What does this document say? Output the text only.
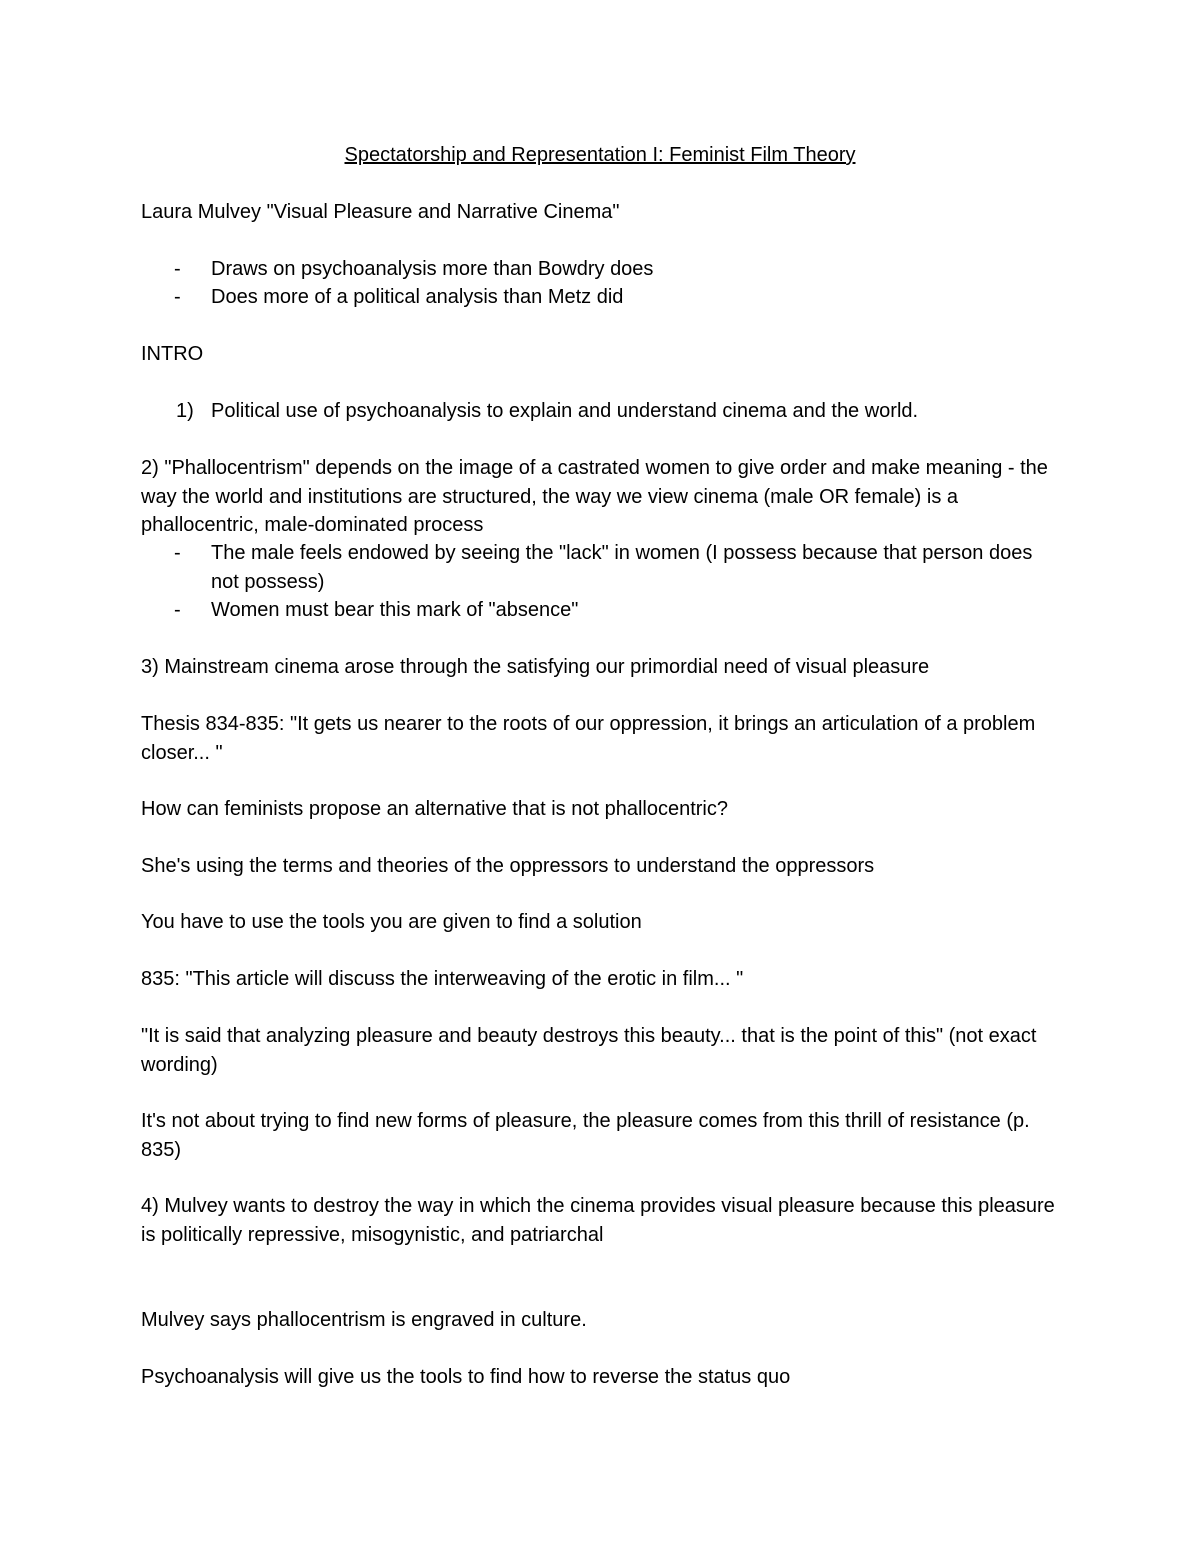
Spectatorship and Representation I: Feminist Film Theory
Laura Mulvey "Visual Pleasure and Narrative Cinema"
- Draws on psychoanalysis more than Bowdry does
- Does more of a political analysis than Metz did
INTRO
1) Political use of psychoanalysis to explain and understand cinema and the world.
2) "Phallocentrism" depends on the image of a castrated women to give order and make meaning - the way the world and institutions are structured, the way we view cinema (male OR female) is a phallocentric, male-dominated process
- The male feels endowed by seeing the "lack" in women (I possess because that person does not possess)
- Women must bear this mark of "absence"
3) Mainstream cinema arose through the satisfying our primordial need of visual pleasure
Thesis 834-835: "It gets us nearer to the roots of our oppression, it brings an articulation of a problem closer... "
How can feminists propose an alternative that is not phallocentric?
She's using the terms and theories of the oppressors to understand the oppressors
You have to use the tools you are given to find a solution
835: "This article will discuss the interweaving of the erotic in film... "
"It is said that analyzing pleasure and beauty destroys this beauty... that is the point of this" (not exact wording)
It's not about trying to find new forms of pleasure, the pleasure comes from this thrill of resistance (p. 835)
4) Mulvey wants to destroy the way in which the cinema provides visual pleasure because this pleasure is politically repressive, misogynistic, and patriarchal
Mulvey says phallocentrism is engraved in culture.
Psychoanalysis will give us the tools to find how to reverse the status quo
